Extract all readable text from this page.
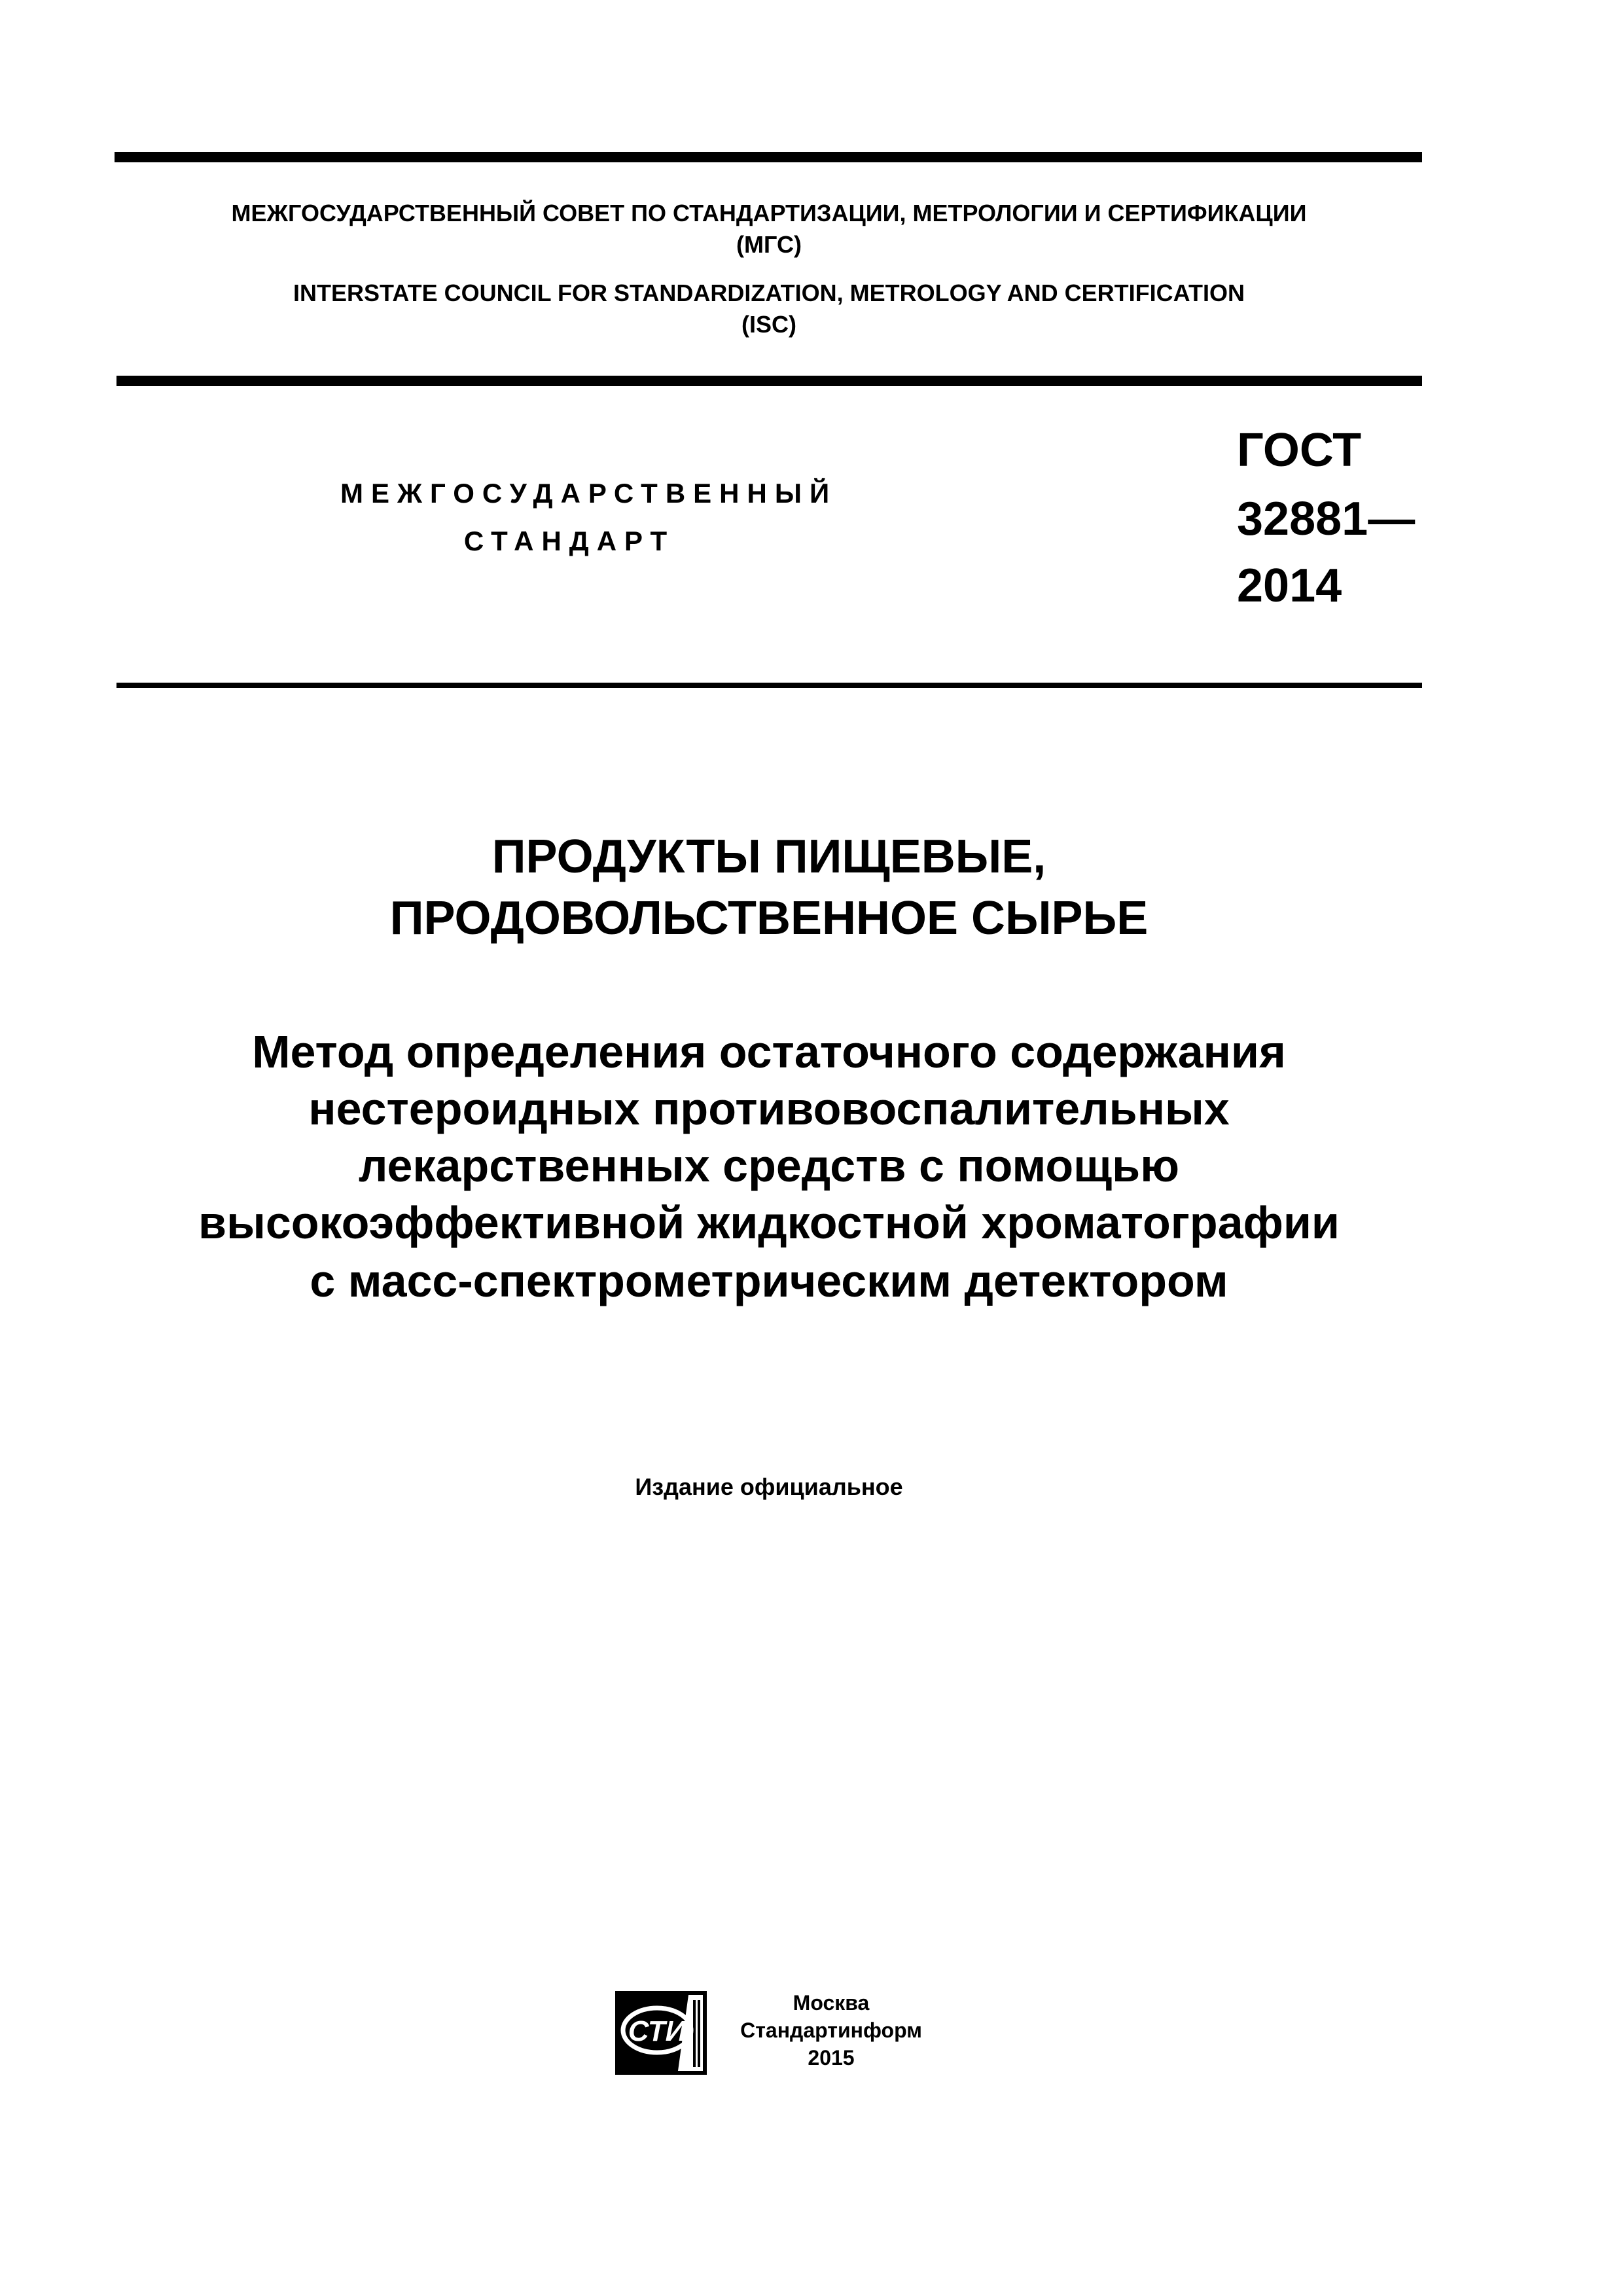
МЕЖГОСУДАРСТВЕННЫЙ СОВЕТ ПО СТАНДАРТИЗАЦИИ, МЕТРОЛОГИИ И СЕРТИФИКАЦИИ
(МГС)
INTERSTATE COUNCIL FOR STANDARDIZATION, METROLOGY AND CERTIFICATION
(ISC)
МЕЖГОСУДАРСТВЕННЫЙ
СТАНДАРТ
ГОСТ
32881—
2014
ПРОДУКТЫ ПИЩЕВЫЕ,
ПРОДОВОЛЬСТВЕННОЕ СЫРЬЕ
Метод определения остаточного содержания
нестероидных противовоспалительных
лекарственных средств с помощью
высокоэффективной жидкостной хроматографии
с масс-спектрометрическим детектором
Издание официальное
СТИ
Москва
Стандартинформ
2015
